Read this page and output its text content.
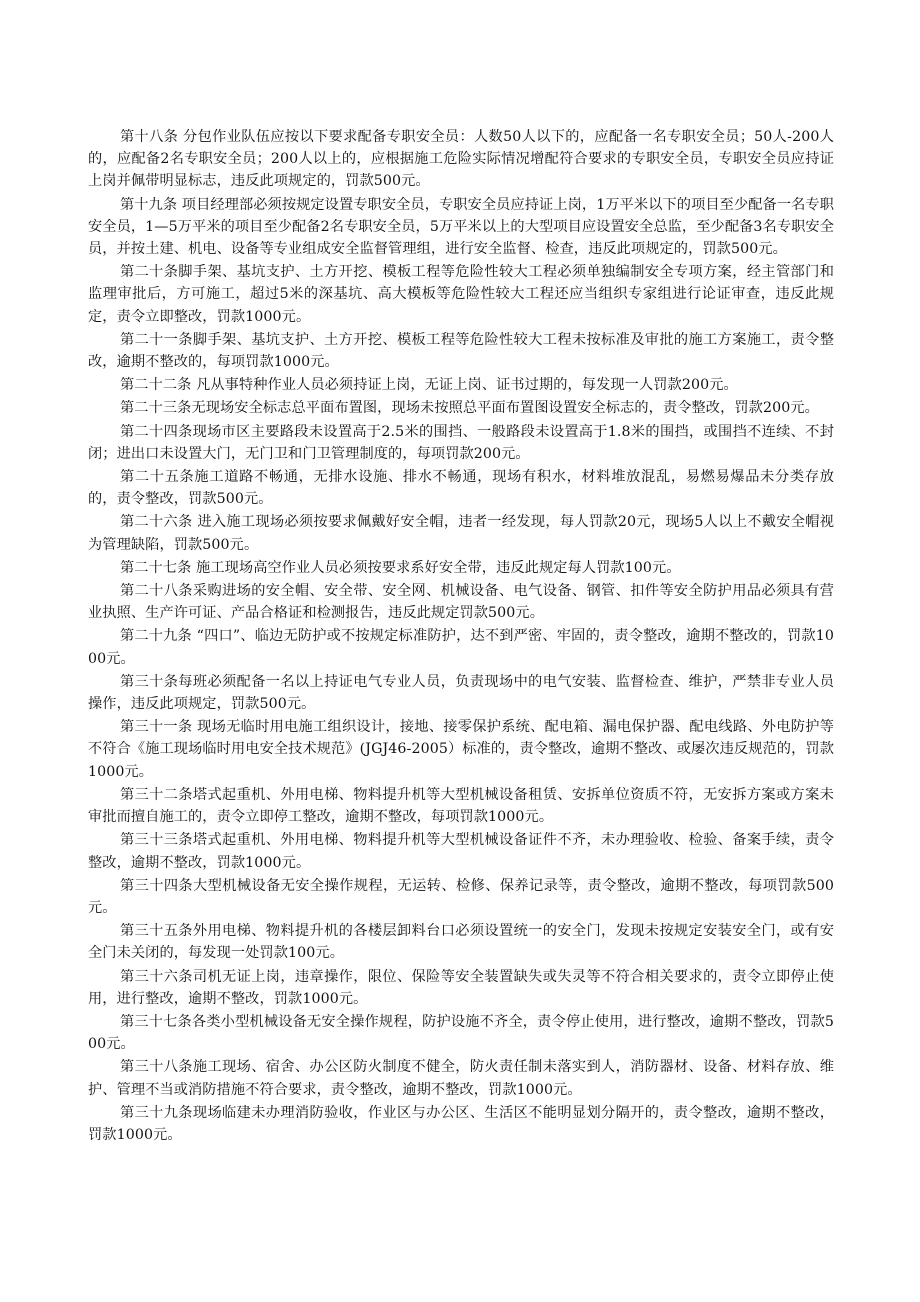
第十八条 分包作业队伍应按以下要求配备专职安全员：人数50人以下的，应配备一名专职安全员；50人-200人的，应配备2名专职安全员；200人以上的，应根据施工危险实际情况增配符合要求的专职安全员，专职安全员应持证上岗并佩带明显标志，违反此项规定的，罚款500元。

第十九条 项目经理部必须按规定设置专职安全员，专职安全员应持证上岗，1万平米以下的项目至少配备一名专职安全员，1—5万平米的项目至少配备2名专职安全员，5万平米以上的大型项目应设置安全总监，至少配备3名专职安全员，并按土建、机电、设备等专业组成安全监督管理组，进行安全监督、检查，违反此项规定的，罚款500元。

第二十条脚手架、基坑支护、土方开挖、模板工程等危险性较大工程必须单独编制安全专项方案，经主管部门和监理审批后，方可施工，超过5米的深基坑、高大模板等危险性较大工程还应当组织专家组进行论证审查，违反此规定，责令立即整改，罚款1000元。

第二十一条脚手架、基坑支护、土方开挖、模板工程等危险性较大工程未按标准及审批的施工方案施工，责令整改，逾期不整改的，每项罚款1000元。

第二十二条 凡从事特种作业人员必须持证上岗，无证上岗、证书过期的，每发现一人罚款200元。

第二十三条无现场安全标志总平面布置图，现场未按照总平面布置图设置安全标志的，责令整改，罚款200元。

第二十四条现场市区主要路段未设置高于2.5米的围挡、一般路段未设置高于1.8米的围挡，或围挡不连续、不封闭；进出口未设置大门，无门卫和门卫管理制度的，每项罚款200元。

第二十五条施工道路不畅通，无排水设施、排水不畅通，现场有积水，材料堆放混乱，易燃易爆品未分类存放的，责令整改，罚款500元。

第二十六条 进入施工现场必须按要求佩戴好安全帽，违者一经发现，每人罚款20元，现场5人以上不戴安全帽视为管理缺陷，罚款500元。

第二十七条 施工现场高空作业人员必须按要求系好安全带，违反此规定每人罚款100元。

第二十八条采购进场的安全帽、安全带、安全网、机械设备、电气设备、钢管、扣件等安全防护用品必须具有营业执照、生产许可证、产品合格证和检测报告，违反此规定罚款500元。

第二十九条 “四口”、临边无防护或不按规定标准防护，达不到严密、牢固的，责令整改，逾期不整改的，罚款1000元。

第三十条每班必须配备一名以上持证电气专业人员，负责现场中的电气安装、监督检查、维护，严禁非专业人员操作，违反此项规定，罚款500元。

第三十一条 现场无临时用电施工组织设计，接地、接零保护系统、配电箱、漏电保护器、配电线路、外电防护等不符合《施工现场临时用电安全技术规范》(JGJ46-2005）标准的，责令整改，逾期不整改、或屡次违反规范的，罚款1000元。

第三十二条塔式起重机、外用电梯、物料提升机等大型机械设备租赁、安拆单位资质不符，无安拆方案或方案未审批而擅自施工的，责令立即停工整改，逾期不整改，每项罚款1000元。

第三十三条塔式起重机、外用电梯、物料提升机等大型机械设备证件不齐，未办理验收、检验、备案手续，责令整改，逾期不整改，罚款1000元。

第三十四条大型机械设备无安全操作规程，无运转、检修、保养记录等，责令整改，逾期不整改，每项罚款500元。

第三十五条外用电梯、物料提升机的各楼层卸料台口必须设置统一的安全门，发现未按规定安装安全门，或有安全门未关闭的，每发现一处罚款100元。

第三十六条司机无证上岗，违章操作，限位、保险等安全装置缺失或失灵等不符合相关要求的，责令立即停止使用，进行整改，逾期不整改，罚款1000元。

第三十七条各类小型机械设备无安全操作规程，防护设施不齐全，责令停止使用，进行整改，逾期不整改，罚款500元。

第三十八条施工现场、宿舍、办公区防火制度不健全，防火责任制未落实到人，消防器材、设备、材料存放、维护、管理不当或消防措施不符合要求，责令整改，逾期不整改，罚款1000元。

第三十九条现场临建未办理消防验收，作业区与办公区、生活区不能明显划分隔开的，责令整改，逾期不整改，罚款1000元。
